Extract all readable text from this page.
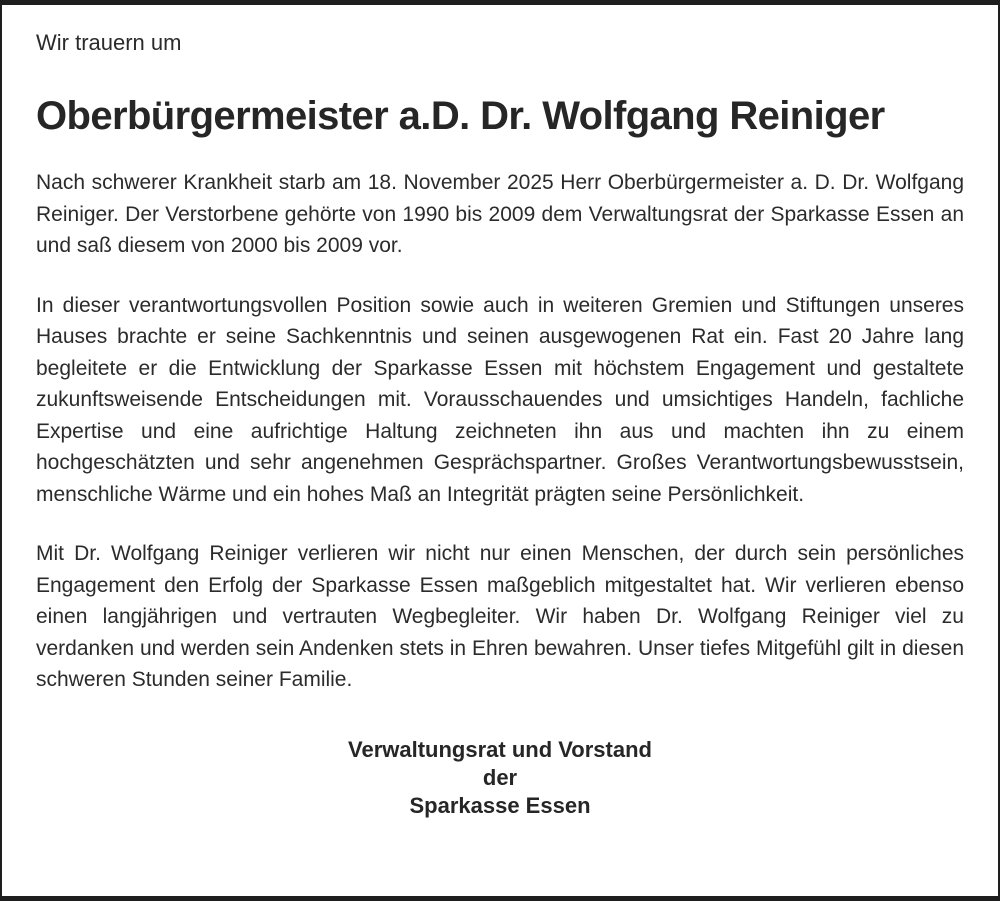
Wir trauern um
Oberbürgermeister a.D. Dr. Wolfgang Reiniger

Nach schwerer Krankheit starb am 18. November 2025 Herr Oberbürgermeister a. D. Dr. Wolfgang Reiniger. Der Verstorbene gehörte von 1990 bis 2009 dem Verwaltungsrat der Sparkasse Essen an und saß diesem von 2000 bis 2009 vor.

In dieser verantwortungsvollen Position sowie auch in weiteren Gremien und Stiftungen unseres Hauses brachte er seine Sachkenntnis und seinen ausgewogenen Rat ein. Fast 20 Jahre lang begleitete er die Entwicklung der Sparkasse Essen mit höchstem Engagement und gestaltete zukunftsweisende Entscheidungen mit. Vorausschauendes und umsichtiges Handeln, fachliche Expertise und eine aufrichtige Haltung zeichneten ihn aus und machten ihn zu einem hochgeschätzten und sehr angenehmen Gesprächspartner. Großes Verantwortungsbewusstsein, menschliche Wärme und ein hohes Maß an Integrität prägten seine Persönlichkeit.

Mit Dr. Wolfgang Reiniger verlieren wir nicht nur einen Menschen, der durch sein persönliches Engagement den Erfolg der Sparkasse Essen maßgeblich mitgestaltet hat. Wir verlieren ebenso einen langjährigen und vertrauten Wegbegleiter. Wir haben Dr. Wolfgang Reiniger viel zu verdanken und werden sein Andenken stets in Ehren bewahren. Unser tiefes Mitgefühl gilt in diesen schweren Stunden seiner Familie.

Verwaltungsrat und Vorstand
der
Sparkasse Essen
